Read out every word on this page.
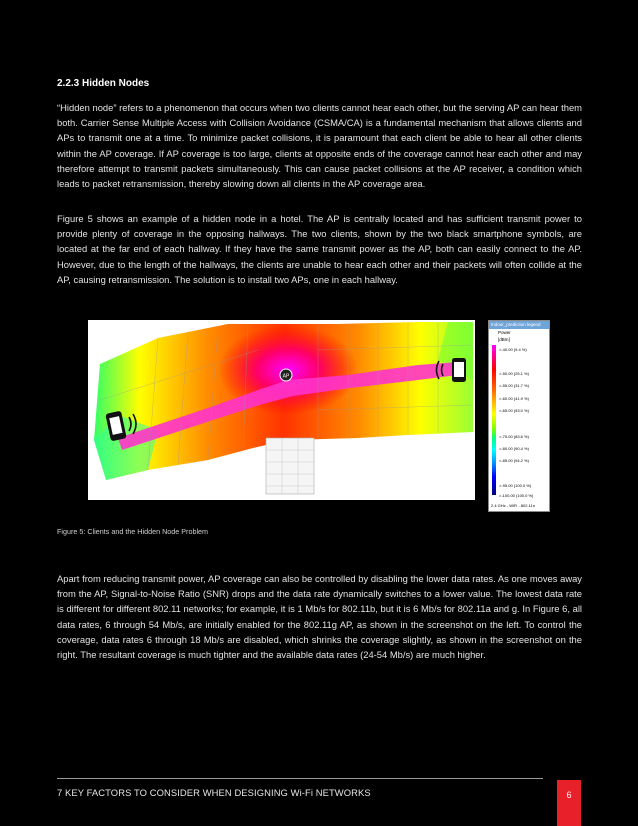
2.2.3 Hidden Nodes

“Hidden node” refers to a phenomenon that occurs when two clients cannot hear each other, but the serving AP can hear them both. Carrier Sense Multiple Access with Collision Avoidance (CSMA/CA) is a fundamental mechanism that allows clients and APs to transmit one at a time. To minimize packet collisions, it is paramount that each client be able to hear all other clients within the AP coverage. If AP coverage is too large, clients at opposite ends of the coverage cannot hear each other and may therefore attempt to transmit packets simultaneously. This can cause packet collisions at the AP receiver, a condition which leads to packet retransmission, thereby slowing down all clients in the AP coverage area.

Figure 5 shows an example of a hidden node in a hotel. The AP is centrally located and has sufficient transmit power to provide plenty of coverage in the opposing hallways. The two clients, shown by the two black smartphone symbols, are located at the far end of each hallway. If they have the same transmit power as the AP, both can easily connect to the AP. However, due to the length of the hallways, the clients are unable to hear each other and their packets will often collide at the AP, causing retransmission. The solution is to install two APs, one in each hallway.

AP
Indoor_prediction legend
Power
[dBm]
>-40.00 (9.4 %)
>-50.00 (25.1 %)
>-55.00 (31.7 %)
>-60.00 (41.9 %)
>-65.00 (53.0 %)
>-75.00 (83.6 %)
>-80.00 (90.4 %)
>-85.00 (94.2 %)
>-95.00 (100.0 %)
>-100.00 (100.0 %)
2.4 GHz - WiFi - 802.11n
Figure 5: Clients and the Hidden Node Problem

Apart from reducing transmit power, AP coverage can also be controlled by disabling the lower data rates. As one moves away from the AP, Signal-to-Noise Ratio (SNR) drops and the data rate dynamically switches to a lower value. The lowest data rate is different for different 802.11 networks; for example, it is 1 Mb/s for 802.11b, but it is 6 Mb/s for 802.11a and g. In Figure 6, all data rates, 6 through 54 Mb/s, are initially enabled for the 802.11g AP, as shown in the screenshot on the left. To control the coverage, data rates 6 through 18 Mb/s are disabled, which shrinks the coverage slightly, as shown in the screenshot on the right. The resultant coverage is much tighter and the available data rates (24-54 Mb/s) are much higher.

7 KEY FACTORS TO CONSIDER WHEN DESIGNING Wi-Fi NETWORKS	6
